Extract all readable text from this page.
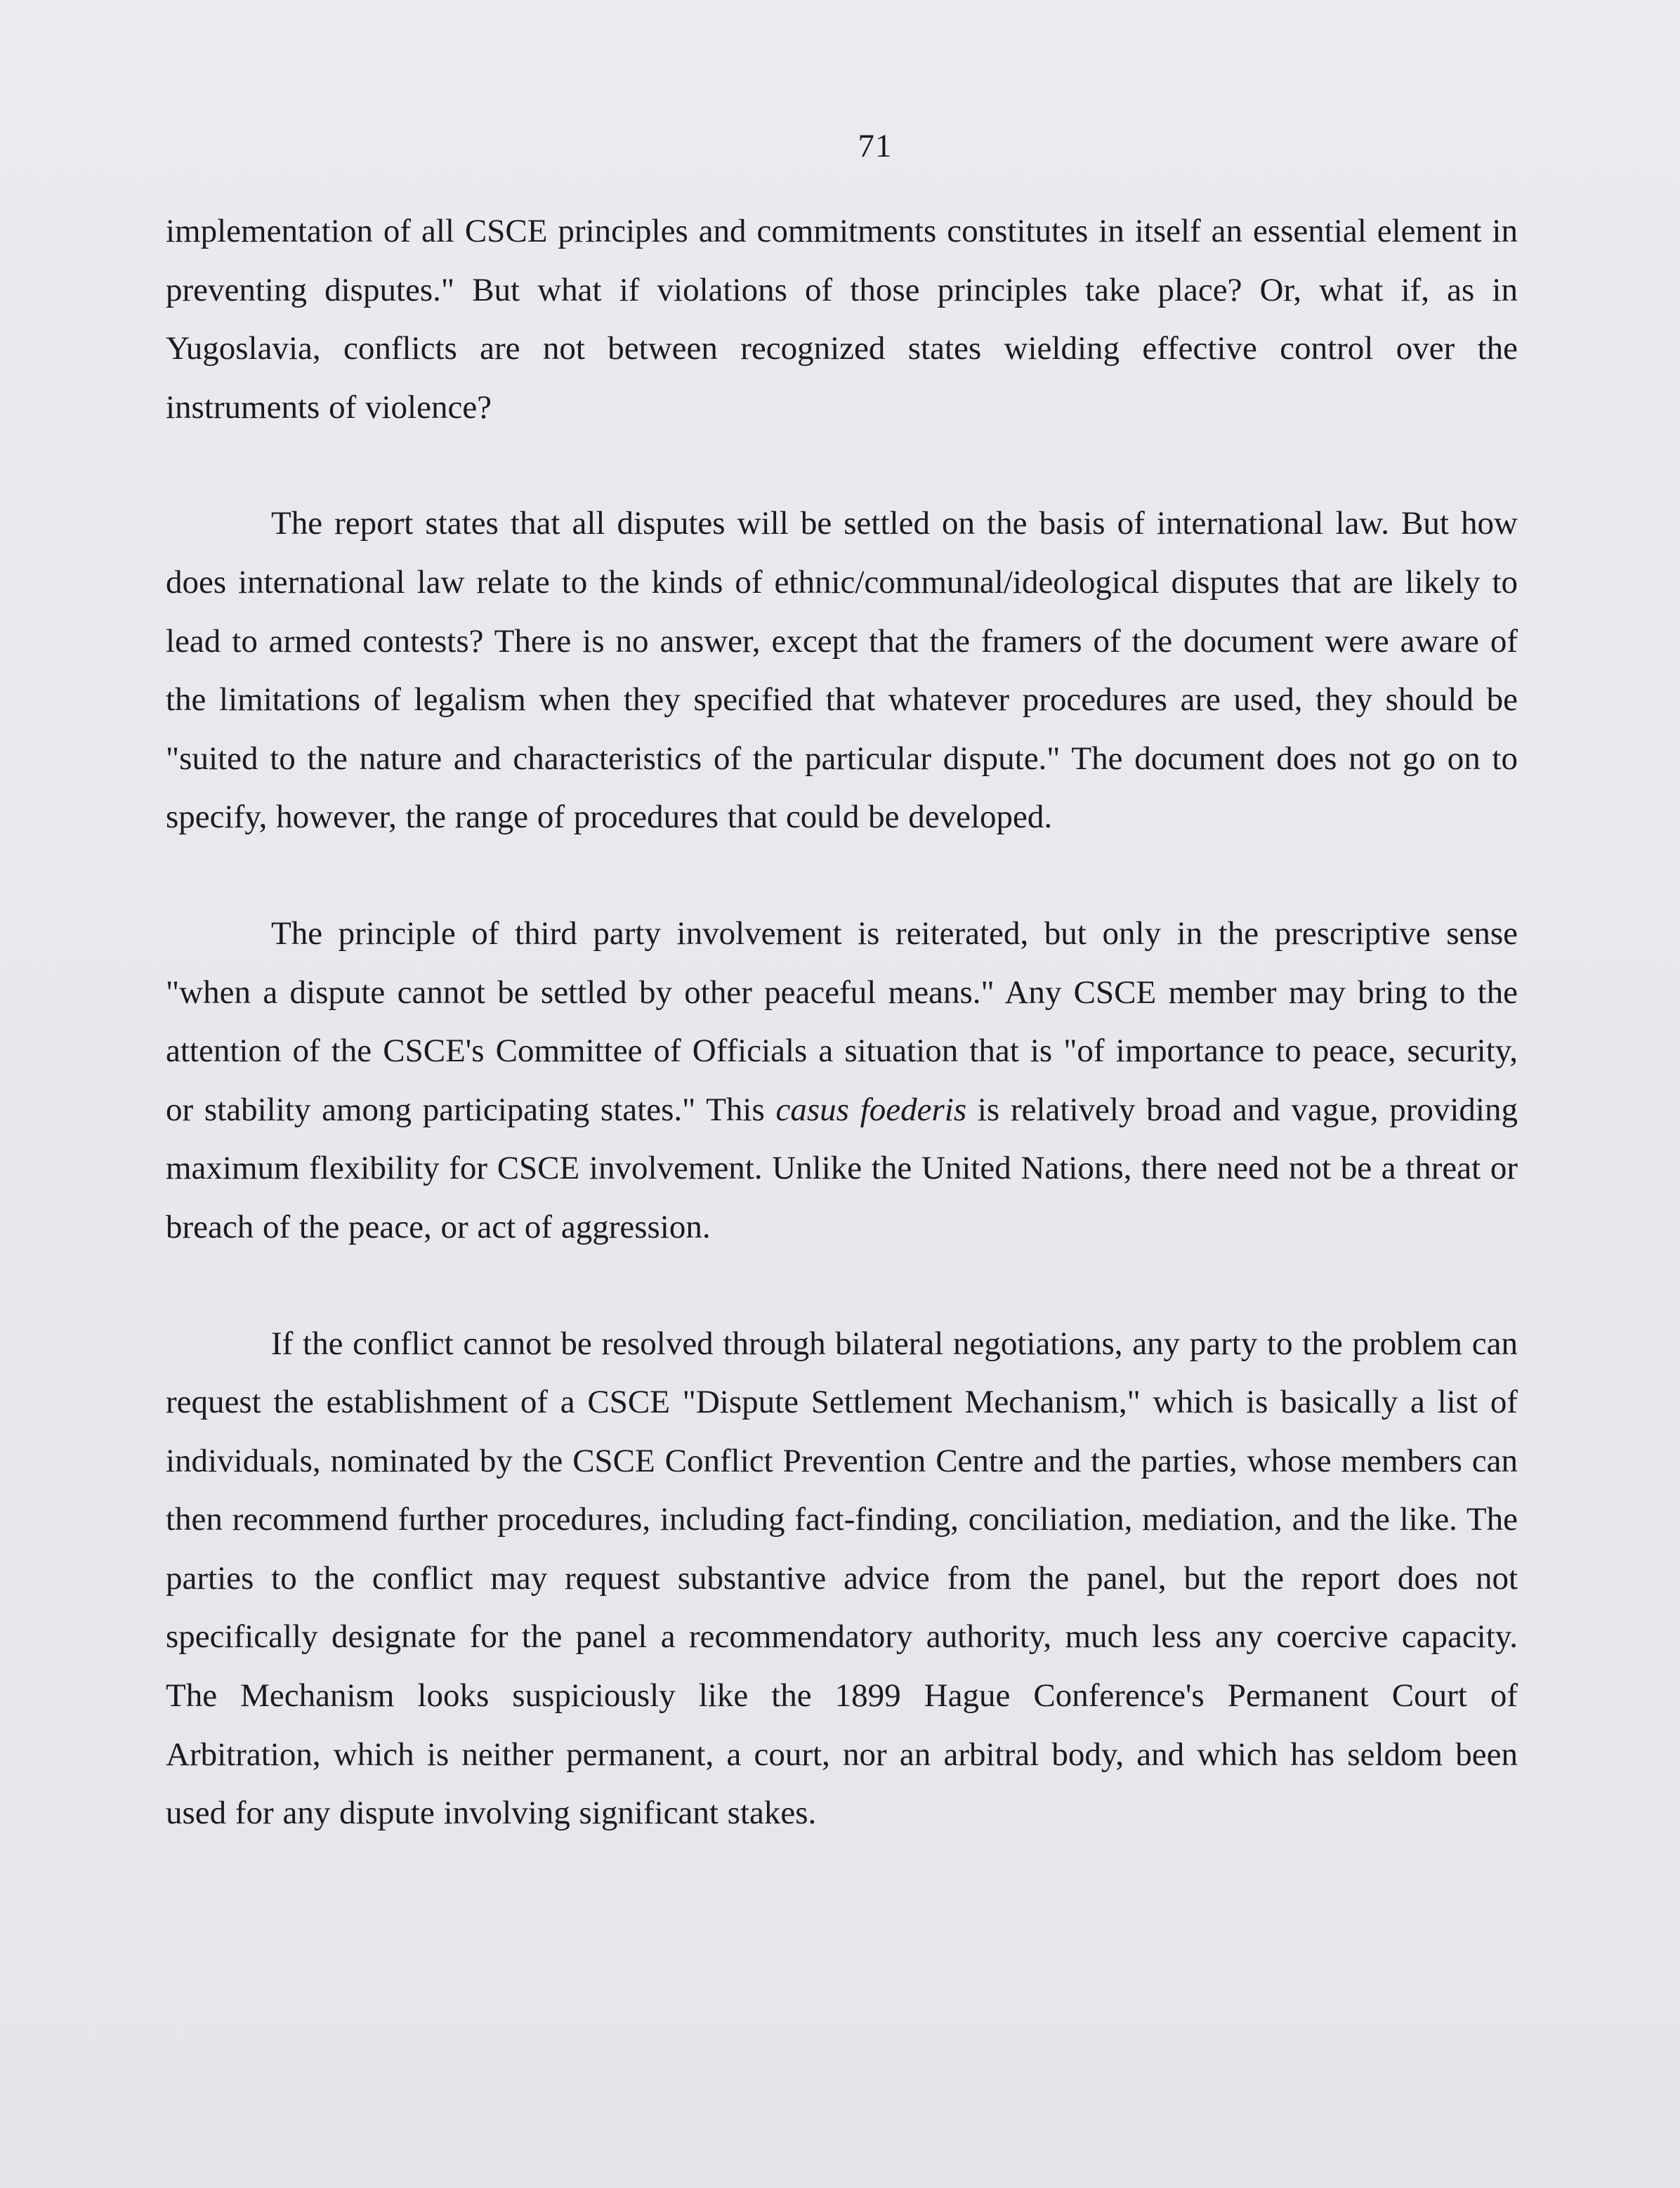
71

implementation of all CSCE principles and commitments constitutes in itself an essential element in preventing disputes." But what if violations of those principles take place? Or, what if, as in Yugoslavia, conflicts are not between recognized states wielding effective control over the instruments of violence?

The report states that all disputes will be settled on the basis of international law. But how does international law relate to the kinds of ethnic/communal/ideological disputes that are likely to lead to armed contests? There is no answer, except that the framers of the document were aware of the limitations of legalism when they specified that whatever procedures are used, they should be "suited to the nature and characteristics of the particular dispute." The document does not go on to specify, however, the range of procedures that could be developed.

The principle of third party involvement is reiterated, but only in the prescriptive sense "when a dispute cannot be settled by other peaceful means." Any CSCE member may bring to the attention of the CSCE's Committee of Officials a situation that is "of importance to peace, security, or stability among participating states." This casus foederis is relatively broad and vague, providing maximum flexibility for CSCE involvement. Unlike the United Nations, there need not be a threat or breach of the peace, or act of aggression.

If the conflict cannot be resolved through bilateral negotiations, any party to the problem can request the establishment of a CSCE "Dispute Settlement Mechanism," which is basically a list of individuals, nominated by the CSCE Conflict Prevention Centre and the parties, whose members can then recommend further procedures, including fact-finding, conciliation, mediation, and the like. The parties to the conflict may request substantive advice from the panel, but the report does not specifically designate for the panel a recommendatory authority, much less any coercive capacity. The Mechanism looks suspiciously like the 1899 Hague Conference's Permanent Court of Arbitration, which is neither permanent, a court, nor an arbitral body, and which has seldom been used for any dispute involving significant stakes.
